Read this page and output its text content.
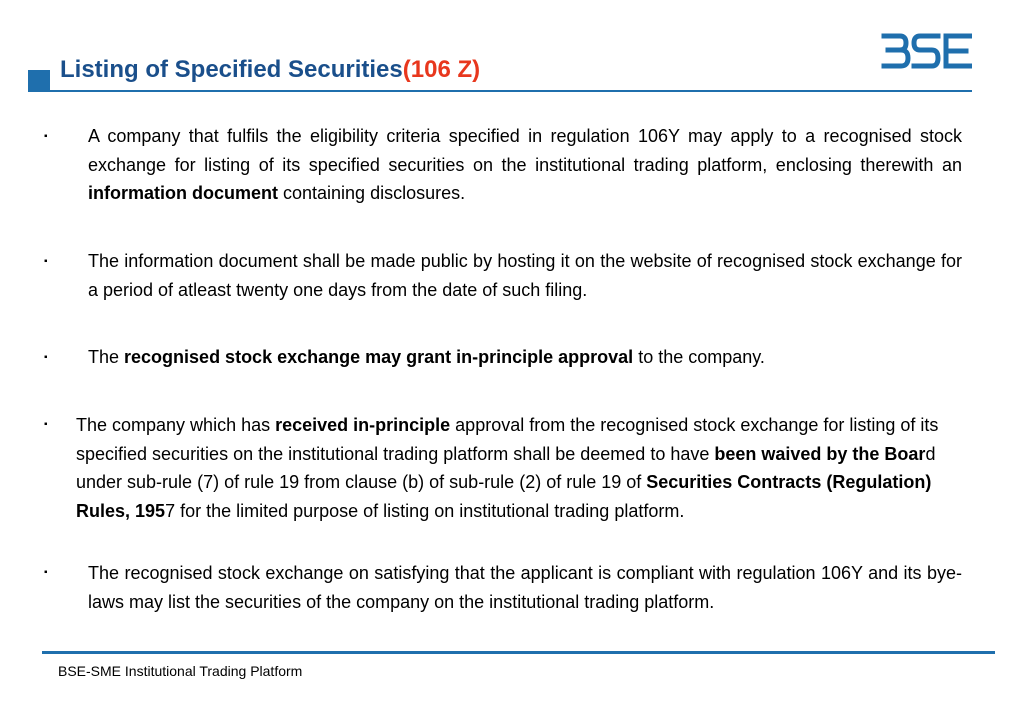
Listing of Specified Securities(106 Z)
▪ A company that fulfils the eligibility criteria specified in regulation 106Y may apply to a recognised stock exchange for listing of its specified securities on the institutional trading platform, enclosing therewith an information document containing disclosures.

▪ The information document shall be made public by hosting it on the website of recognised stock exchange for a period of atleast twenty one days from the date of such filing.

▪ The recognised stock exchange may grant in-principle approval to the company.

▪ The company which has received in-principle approval from the recognised stock exchange for listing of its specified securities on the institutional trading platform shall be deemed to have been waived by the Board under sub-rule (7) of rule 19 from clause (b) of sub-rule (2) of rule 19 of Securities Contracts (Regulation) Rules, 1957 for the limited purpose of listing on institutional trading platform.

▪ The recognised stock exchange on satisfying that the applicant is compliant with regulation 106Y and its bye-laws may list the securities of the company on the institutional trading platform.

BSE-SME Institutional Trading Platform
